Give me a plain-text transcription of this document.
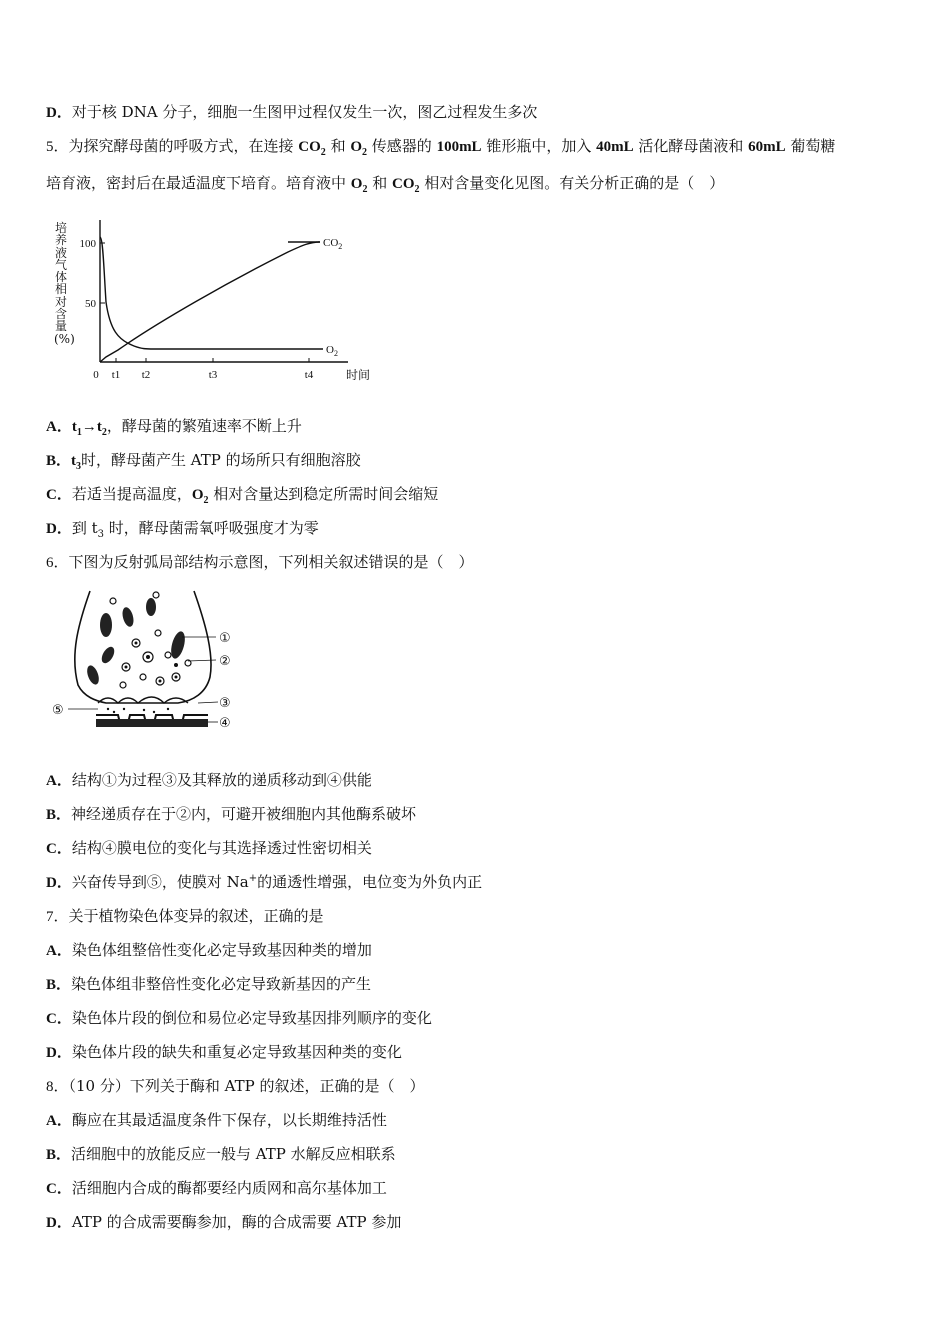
D．对于核 DNA 分子，细胞一生图甲过程仅发生一次，图乙过程发生多次
5．为探究酵母菌的呼吸方式，在连接 $CO_2$ 和 $O_2$ 传感器的 100mL 锥形瓶中，加入 40mL 活化酵母菌液和 60mL 葡萄糖
培育液，密封后在最适温度下培育。培育液中 $O_2$ 和 $CO_2$ 相对含量变化见图。有关分析正确的是（　）
培养液气体相对含量(%)
100
50
0 t1 t2	t3	t4	时间
$CO_2$
$O_2$
A．$t_1\to t_2$，酵母菌的繁殖速率不断上升
B．$t_3$时，酵母菌产生 ATP 的场所只有细胞溶胶
C．若适当提高温度，$O_2$ 相对含量达到稳定所需时间会缩短
D．到 $t_3$ 时，酵母菌需氧呼吸强度才为零
6．下图为反射弧局部结构示意图，下列相关叙述错误的是（　）
①
②
③
④
⑤
A．结构①为过程③及其释放的递质移动到④供能
B．神经递质存在于②内，可避开被细胞内其他酶系破坏
C．结构④膜电位的变化与其选择透过性密切相关
D．兴奋传导到⑤，使膜对 Na+的通透性增强，电位变为外负内正
7．关于植物染色体变异的叙述，正确的是
A．染色体组整倍性变化必定导致基因种类的增加
B．染色体组非整倍性变化必定导致新基因的产生
C．染色体片段的倒位和易位必定导致基因排列顺序的变化
D．染色体片段的缺失和重复必定导致基因种类的变化
8．（10 分）下列关于酶和 ATP 的叙述，正确的是（　）
A．酶应在其最适温度条件下保存，以长期维持活性
B．活细胞中的放能反应一般与 ATP 水解反应相联系
C．活细胞内合成的酶都要经内质网和高尔基体加工
D．ATP 的合成需要酶参加，酶的合成需要 ATP 参加
